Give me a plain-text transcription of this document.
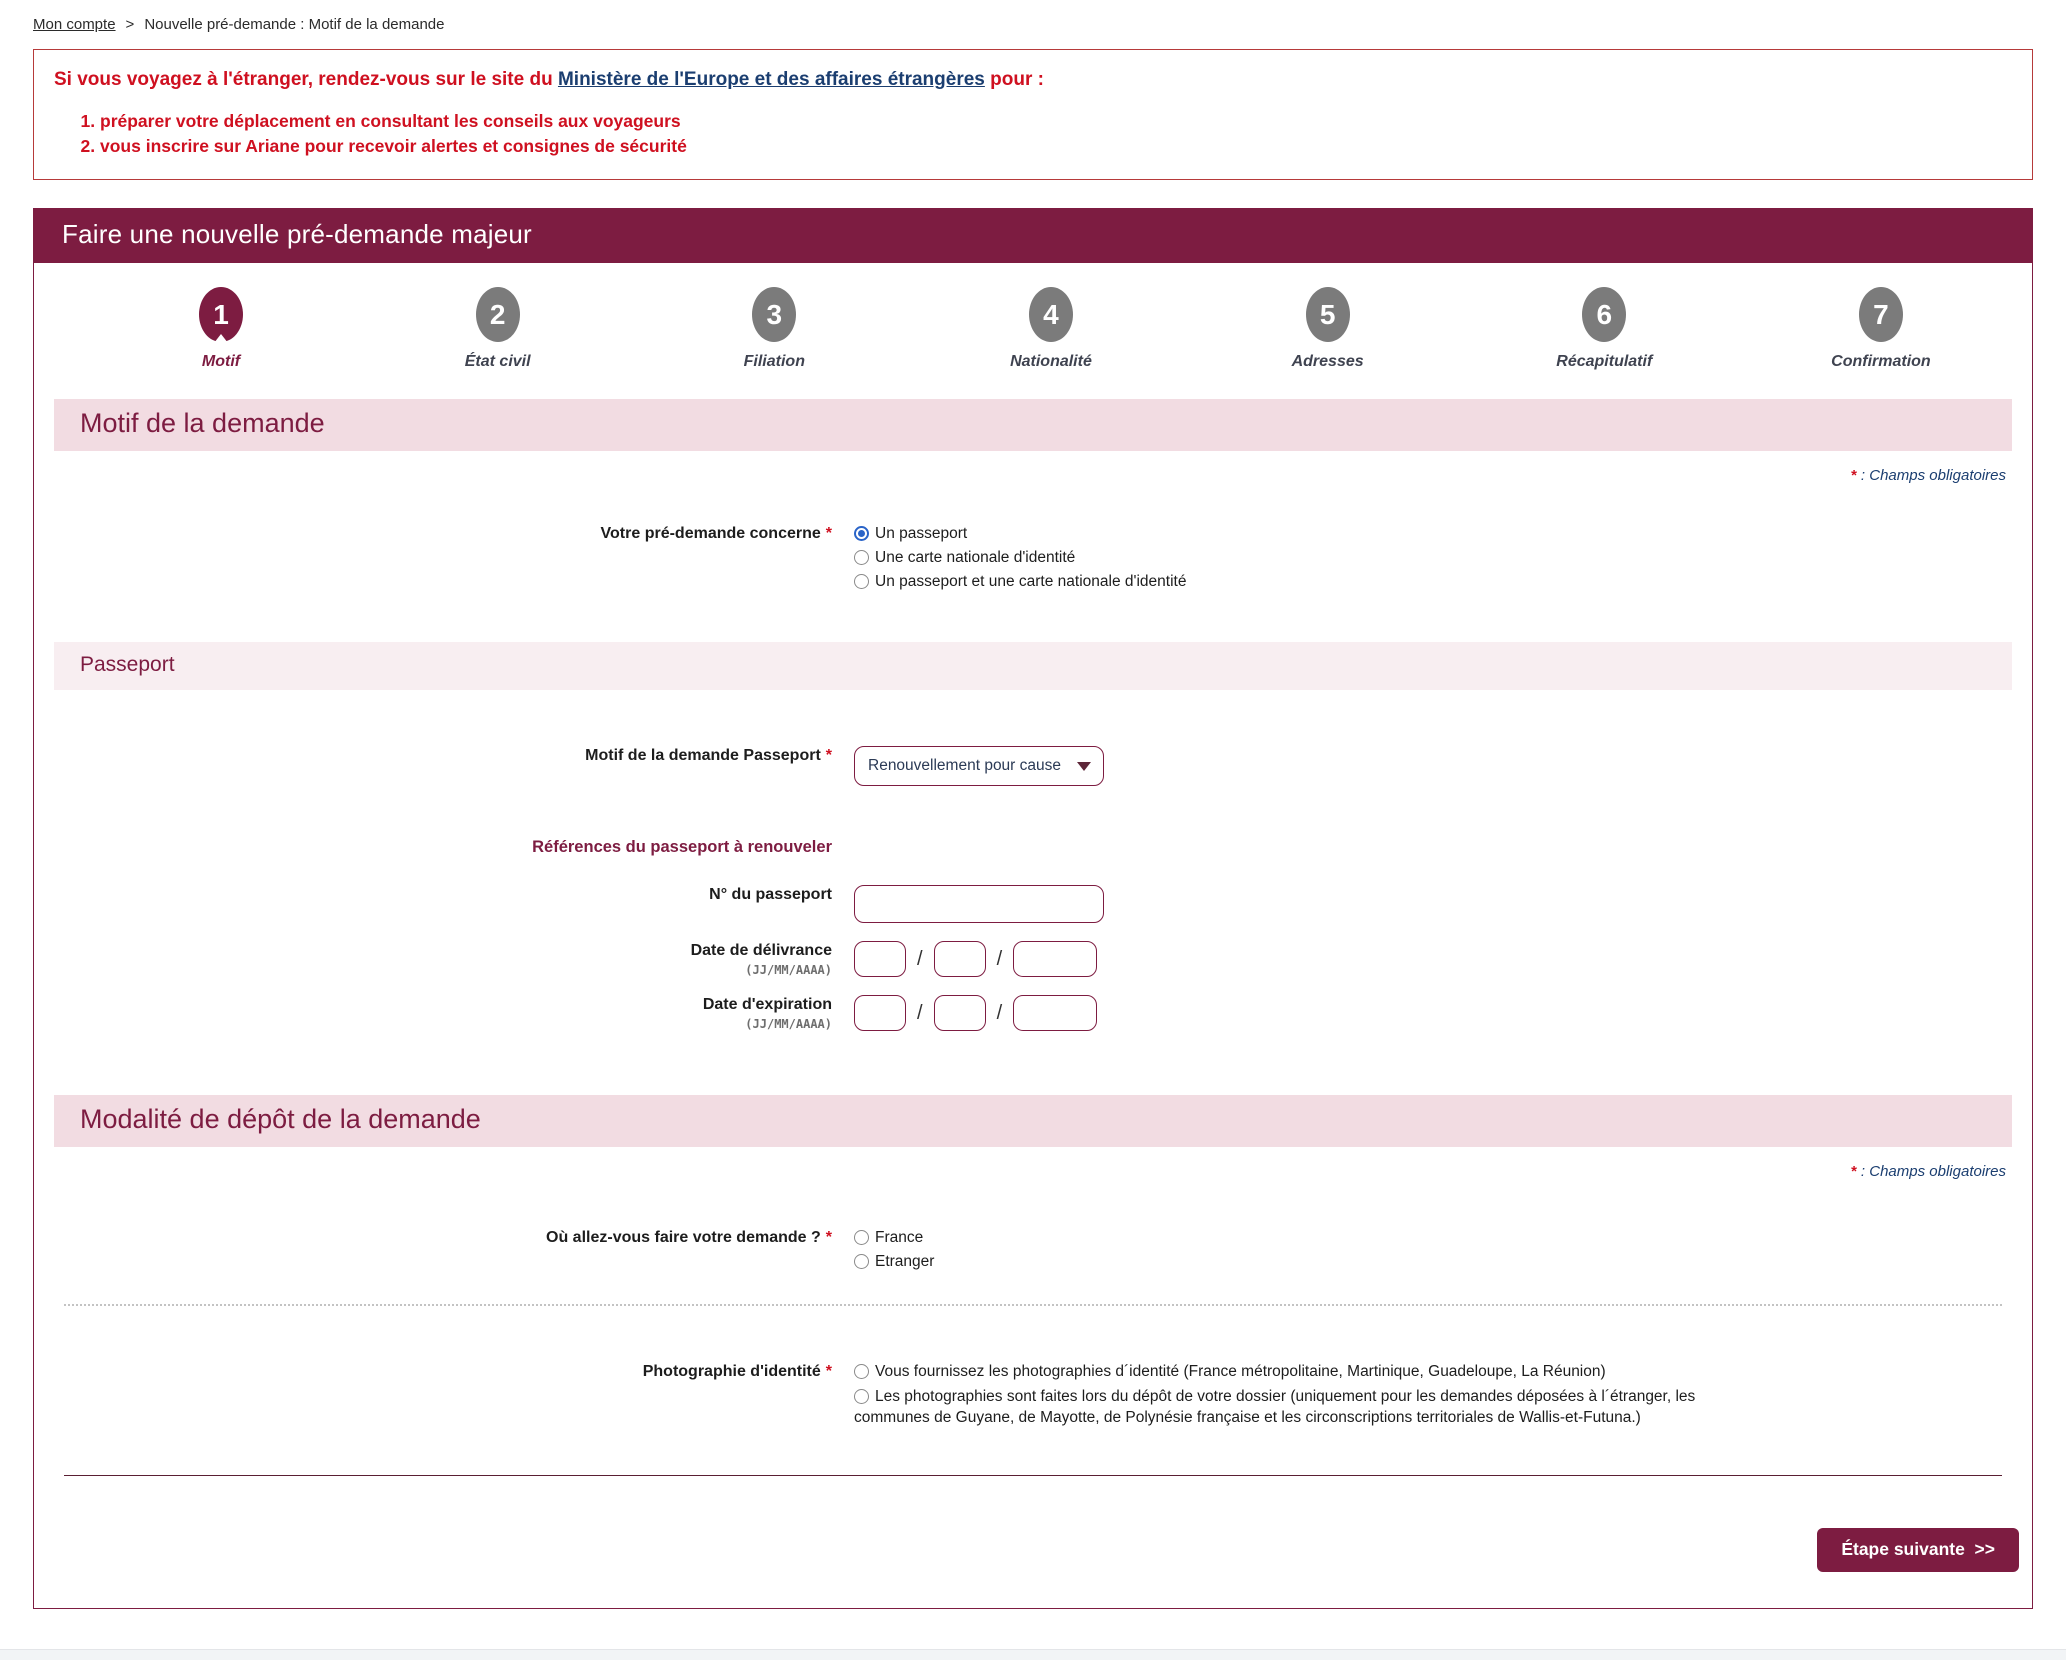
Mon compte > Nouvelle pré-demande : Motif de la demande
Si vous voyagez à l'étranger, rendez-vous sur le site du Ministère de l'Europe et des affaires étrangères pour :
1. préparer votre déplacement en consultant les conseils aux voyageurs
2. vous inscrire sur Ariane pour recevoir alertes et consignes de sécurité
Faire une nouvelle pré-demande majeur
1
Motif
2
État civil
3
Filiation
4
Nationalité
5
Adresses
6
Récapitulatif
7
Confirmation
Motif de la demande
* : Champs obligatoires
Votre pré-demande concerne *	Un passeport
Une carte nationale d'identité
Un passeport et une carte nationale d'identité
Passeport
Motif de la demande Passeport *
Renouvellement pour cause
Références du passeport à renouveler
N° du passeport
Date de délivrance
(JJ/MM/AAAA)
/	/
Date d'expiration
(JJ/MM/AAAA)
/	/
Modalité de dépôt de la demande
* : Champs obligatoires
Où allez-vous faire votre demande ? *	France
Etranger
Photographie d'identité *	Vous fournissez les photographies d´identité (France métropolitaine, Martinique, Guadeloupe, La Réunion)
Les photographies sont faites lors du dépôt de votre dossier (uniquement pour les demandes déposées à l´étranger, les communes de Guyane, de Mayotte, de Polynésie française et les circonscriptions territoriales de Wallis-et-Futuna.)
Étape suivante  >>
